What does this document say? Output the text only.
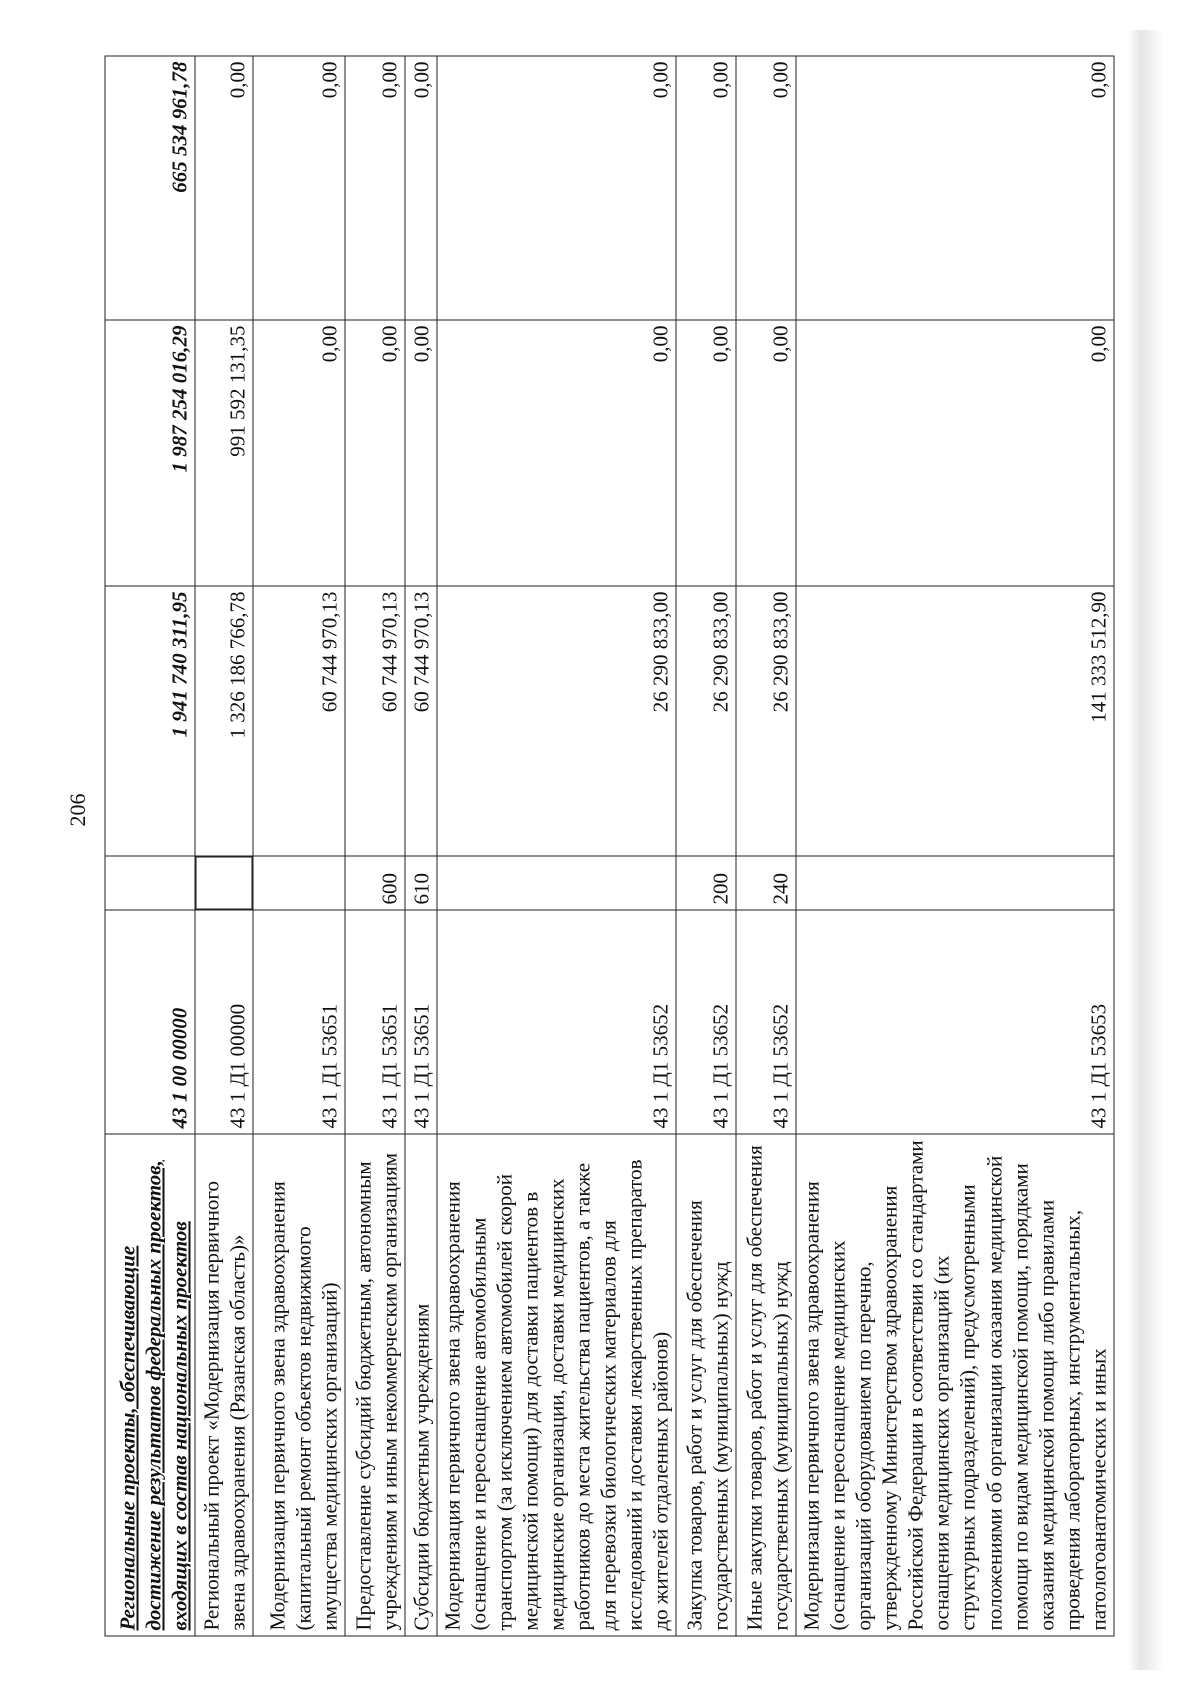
206
Региональные проекты, обеспечивающие достижение результатов федеральных проектов, входящих в состав национальных проектов	43 1 00 00000		1 941 740 311,95	1 987 254 016,29	665 534 961,78
Региональный проект «Модернизация первичного звена здравоохранения (Рязанская область)»	43 1 Д1 00000		1 326 186 766,78	991 592 131,35	0,00
Модернизация первичного звена здравоохранения (капитальный ремонт объектов недвижимого имущества медицинских организаций)	43 1 Д1 53651		60 744 970,13	0,00	0,00
Предоставление субсидий бюджетным, автономным учреждениям и иным некоммерческим организациям	43 1 Д1 53651	600	60 744 970,13	0,00	0,00
Субсидии бюджетным учреждениям	43 1 Д1 53651	610	60 744 970,13	0,00	0,00
Модернизация первичного звена здравоохранения (оснащение и переоснащение автомобильным транспортом (за исключением автомобилей скорой медицинской помощи) для доставки пациентов в медицинские организации, доставки медицинских работников до места жительства пациентов, а также для перевозки биологических материалов для исследований и доставки лекарственных препаратов до жителей отдаленных районов)	43 1 Д1 53652		26 290 833,00	0,00	0,00
Закупка товаров, работ и услуг для обеспечения государственных (муниципальных) нужд	43 1 Д1 53652	200	26 290 833,00	0,00	0,00
Иные закупки товаров, работ и услуг для обеспечения государственных (муниципальных) нужд	43 1 Д1 53652	240	26 290 833,00	0,00	0,00
Модернизация первичного звена здравоохранения (оснащение и переоснащение медицинских организаций оборудованием по перечню, утвержденному Министерством здравоохранения Российской Федерации в соответствии со стандартами оснащения медицинских организаций (их структурных подразделений), предусмотренными положениями об организации оказания медицинской помощи по видам медицинской помощи, порядками оказания медицинской помощи либо правилами проведения лабораторных, инструментальных, патологоанатомических и иных	43 1 Д1 53653		141 333 512,90	0,00	0,00
